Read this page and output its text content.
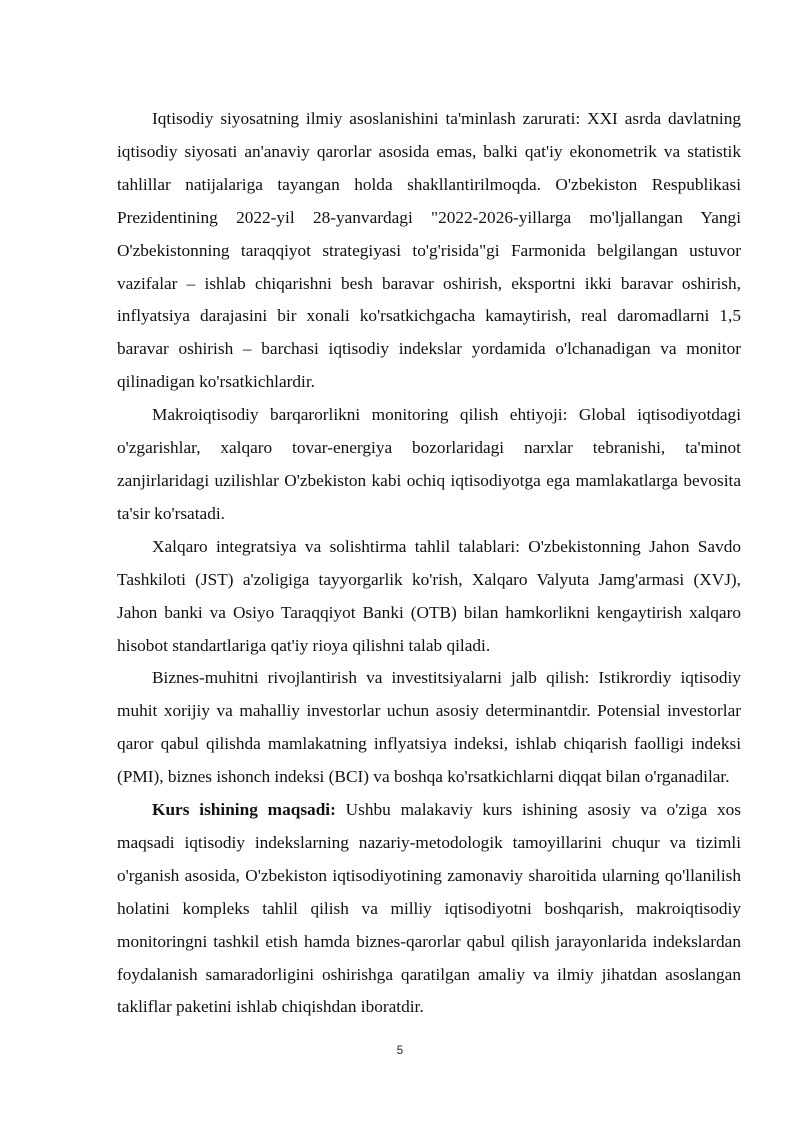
Iqtisodiy siyosatning ilmiy asoslanishini ta'minlash zarurati: XXI asrda davlatning iqtisodiy siyosati an'anaviy qarorlar asosida emas, balki qat'iy ekonometrik va statistik tahlillar natijalariga tayangan holda shakllantirilmoqda. O'zbekiston Respublikasi Prezidentining 2022-yil 28-yanvardagi "2022-2026-yillarga mo'ljallangan Yangi O'zbekistonning taraqqiyot strategiyasi to'g'risida"gi Farmonida belgilangan ustuvor vazifalar – ishlab chiqarishni besh baravar oshirish, eksportni ikki baravar oshirish, inflyatsiya darajasini bir xonali ko'rsatkichgacha kamaytirish, real daromadlarni 1,5 baravar oshirish – barchasi iqtisodiy indekslar yordamida o'lchanadigan va monitor qilinadigan ko'rsatkichlardir.

Makroiqtisodiy barqarorlikni monitoring qilish ehtiyoji: Global iqtisodiyotdagi o'zgarishlar, xalqaro tovar-energiya bozorlaridagi narxlar tebranishi, ta'minot zanjirlaridagi uzilishlar O'zbekiston kabi ochiq iqtisodiyotga ega mamlakatlarga bevosita ta'sir ko'rsatadi.

Xalqaro integratsiya va solishtirma tahlil talablari: O'zbekistonning Jahon Savdo Tashkiloti (JST) a'zoligiga tayyorgarlik ko'rish, Xalqaro Valyuta Jamg'armasi (XVJ), Jahon banki va Osiyo Taraqqiyot Banki (OTB) bilan hamkorlikni kengaytirish xalqaro hisobot standartlariga qat'iy rioya qilishni talab qiladi.

Biznes-muhitni rivojlantirish va investitsiyalarni jalb qilish: Istikrordiy iqtisodiy muhit xorijiy va mahalliy investorlar uchun asosiy determinantdir. Potensial investorlar qaror qabul qilishda mamlakatning inflyatsiya indeksi, ishlab chiqarish faolligi indeksi (PMI), biznes ishonch indeksi (BCI) va boshqa ko'rsatkichlarni diqqat bilan o'rganadilar.

Kurs ishining maqsadi: Ushbu malakaviy kurs ishining asosiy va o'ziga xos maqsadi iqtisodiy indekslarning nazariy-metodologik tamoyillarini chuqur va tizimli o'rganish asosida, O'zbekiston iqtisodiyotining zamonaviy sharoitida ularning qo'llanilish holatini kompleks tahlil qilish va milliy iqtisodiyotni boshqarish, makroiqtisodiy monitoringni tashkil etish hamda biznes-qarorlar qabul qilish jarayonlarida indekslardan foydalanish samaradorligini oshirishga qaratilgan amaliy va ilmiy jihatdan asoslangan takliflar paketini ishlab chiqishdan iboratdir.

5
